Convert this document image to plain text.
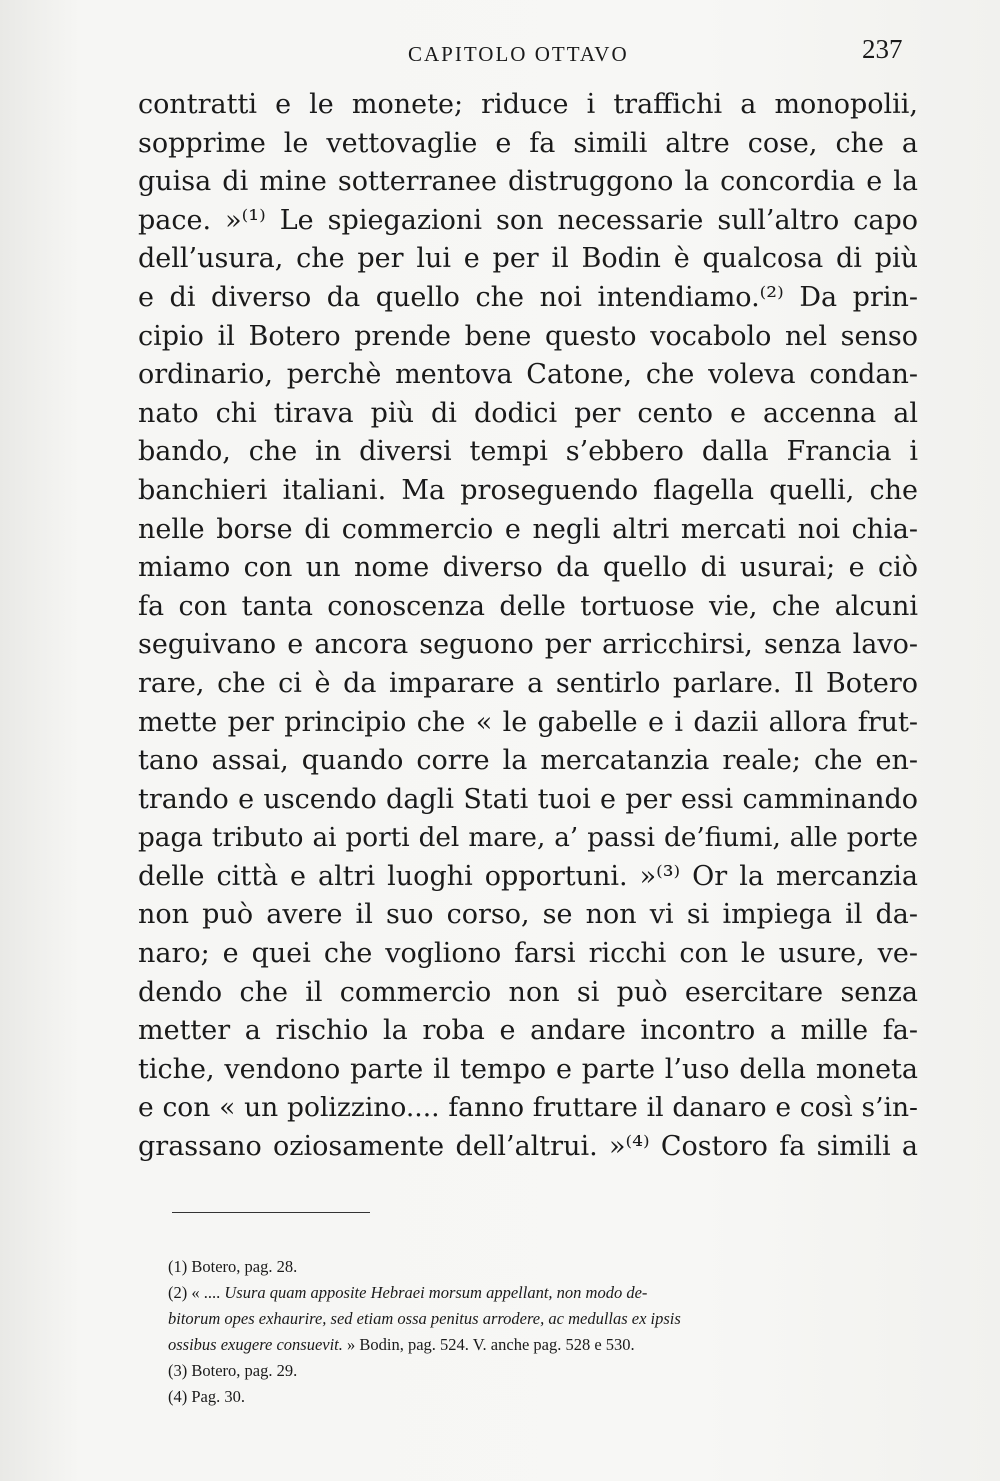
CAPITOLO OTTAVO	237
contratti e le monete; riduce i traffichi a monopolii,
sopprime le vettovaglie e fa simili altre cose, che a
guisa di mine sotterranee distruggono la concordia e la
pace. »⁽¹⁾ Le spiegazioni son necessarie sull’altro capo
dell’usura, che per lui e per il Bodin è qualcosa di più
e di diverso da quello che noi intendiamo.⁽²⁾ Da prin-
cipio il Botero prende bene questo vocabolo nel senso
ordinario, perchè mentova Catone, che voleva condan-
nato chi tirava più di dodici per cento e accenna al
bando, che in diversi tempi s’ebbero dalla Francia i
banchieri italiani. Ma proseguendo flagella quelli, che
nelle borse di commercio e negli altri mercati noi chia-
miamo con un nome diverso da quello di usurai; e ciò
fa con tanta conoscenza delle tortuose vie, che alcuni
seguivano e ancora seguono per arricchirsi, senza lavo-
rare, che ci è da imparare a sentirlo parlare. Il Botero
mette per principio che « le gabelle e i dazii allora frut-
tano assai, quando corre la mercatanzia reale; che en-
trando e uscendo dagli Stati tuoi e per essi camminando
paga tributo ai porti del mare, a’ passi de’fiumi, alle porte
delle città e altri luoghi opportuni. »⁽³⁾ Or la mercanzia
non può avere il suo corso, se non vi si impiega il da-
naro; e quei che vogliono farsi ricchi con le usure, ve-
dendo che il commercio non si può esercitare senza
metter a rischio la roba e andare incontro a mille fa-
tiche, vendono parte il tempo e parte l’uso della moneta
e con « un polizzino.... fanno fruttare il danaro e così s’in-
grassano oziosamente dell’altrui. »⁽⁴⁾ Costoro fa simili a
(1) Botero, pag. 28.
(2) « .... Usura quam apposite Hebraei morsum appellant, non modo de-
bitorum opes exhaurire, sed etiam ossa penitus arrodere, ac medullas ex ipsis
ossibus exugere consuevit. » Bodin, pag. 524. V. anche pag. 528 e 530.
(3) Botero, pag. 29.
(4) Pag. 30.
